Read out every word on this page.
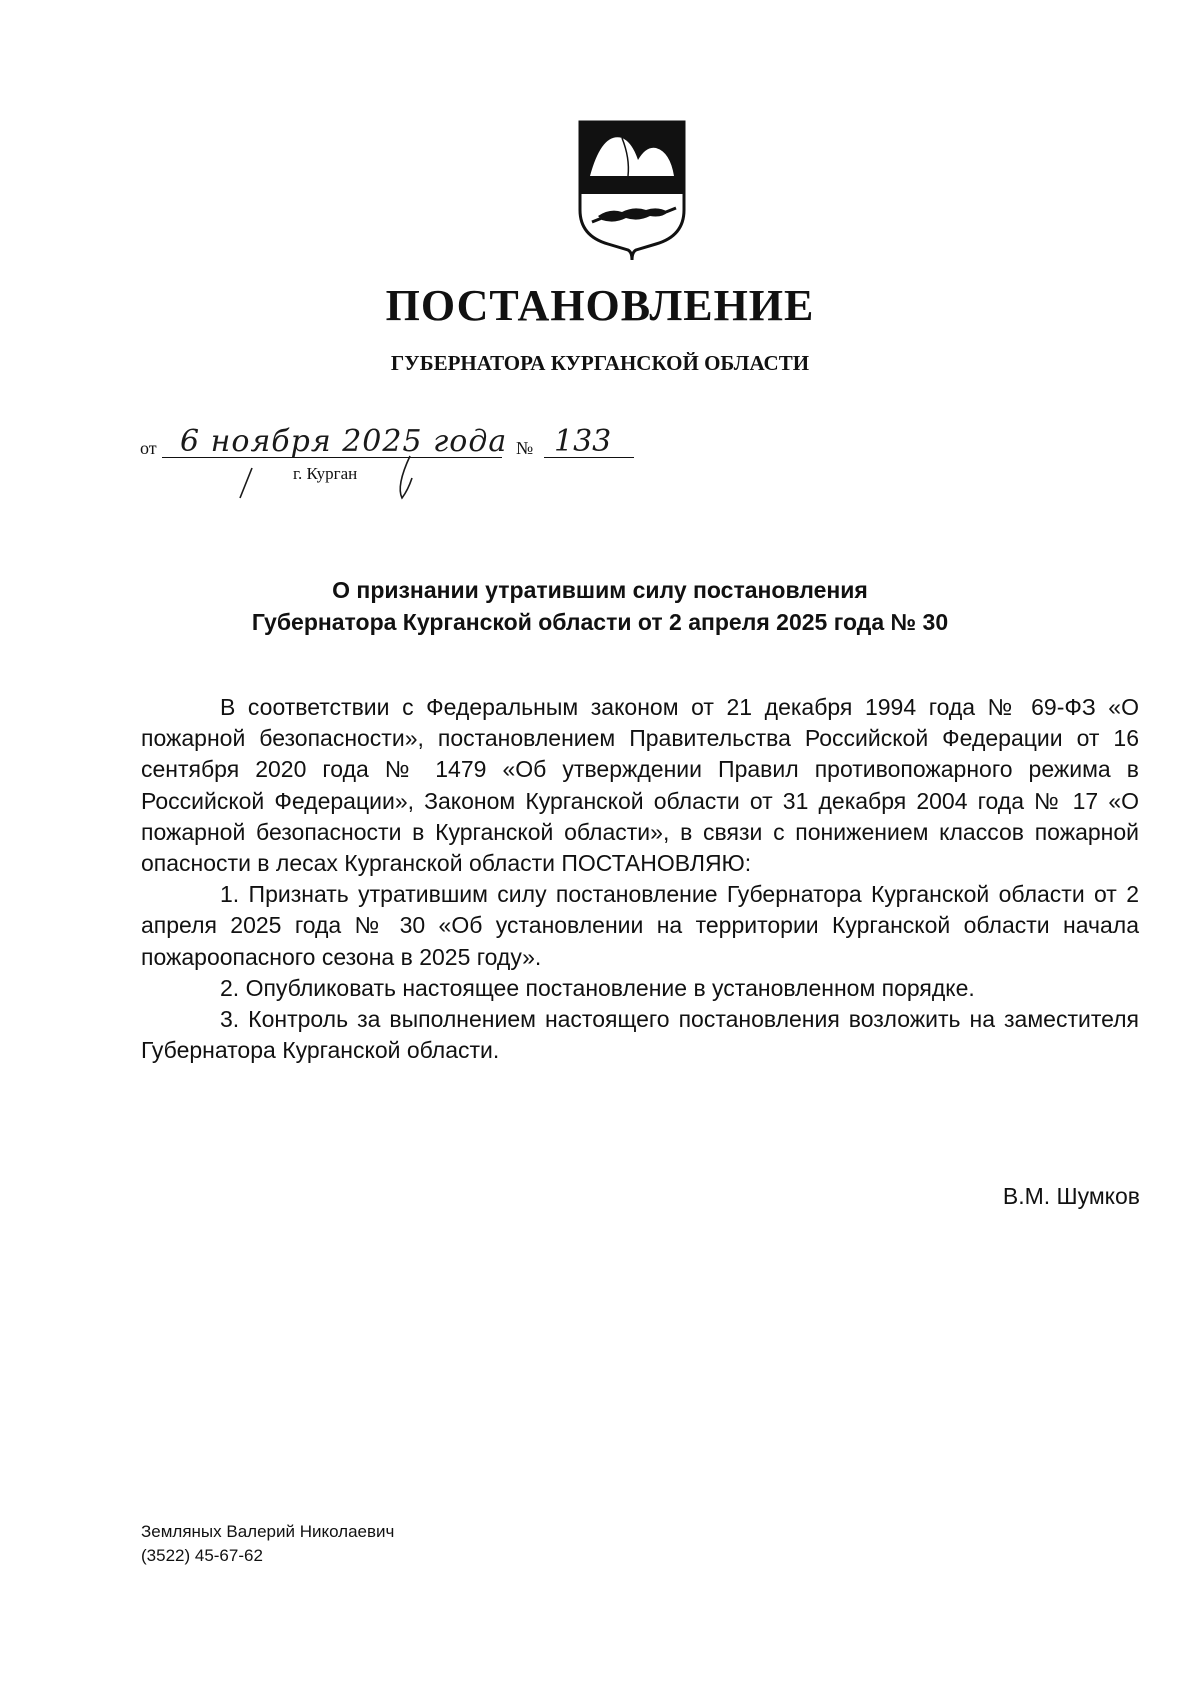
ПОСТАНОВЛЕНИЕ
ГУБЕРНАТОРА КУРГАНСКОЙ ОБЛАСТИ
от 6 ноября 2025 года № 133
г. Курган
О признании утратившим силу постановления
Губернатора Курганской области от 2 апреля 2025 года № 30

В соответствии с Федеральным законом от 21 декабря 1994 года № 69-ФЗ «О пожарной безопасности», постановлением Правительства Российской Федерации от 16 сентября 2020 года № 1479 «Об утверждении Правил противопожарного режима в Российской Федерации», Законом Курганской области от 31 декабря 2004 года № 17 «О пожарной безопасности в Курганской области», в связи с понижением классов пожарной опасности в лесах Курганской области ПОСТАНОВЛЯЮ:

1. Признать утратившим силу постановление Губернатора Курганской области от 2 апреля 2025 года № 30 «Об установлении на территории Курганской области начала пожароопасного сезона в 2025 году».

2. Опубликовать настоящее постановление в установленном порядке.

3. Контроль за выполнением настоящего постановления возложить на заместителя Губернатора Курганской области.

В.М. Шумков
Земляных Валерий Николаевич
(3522) 45-67-62
